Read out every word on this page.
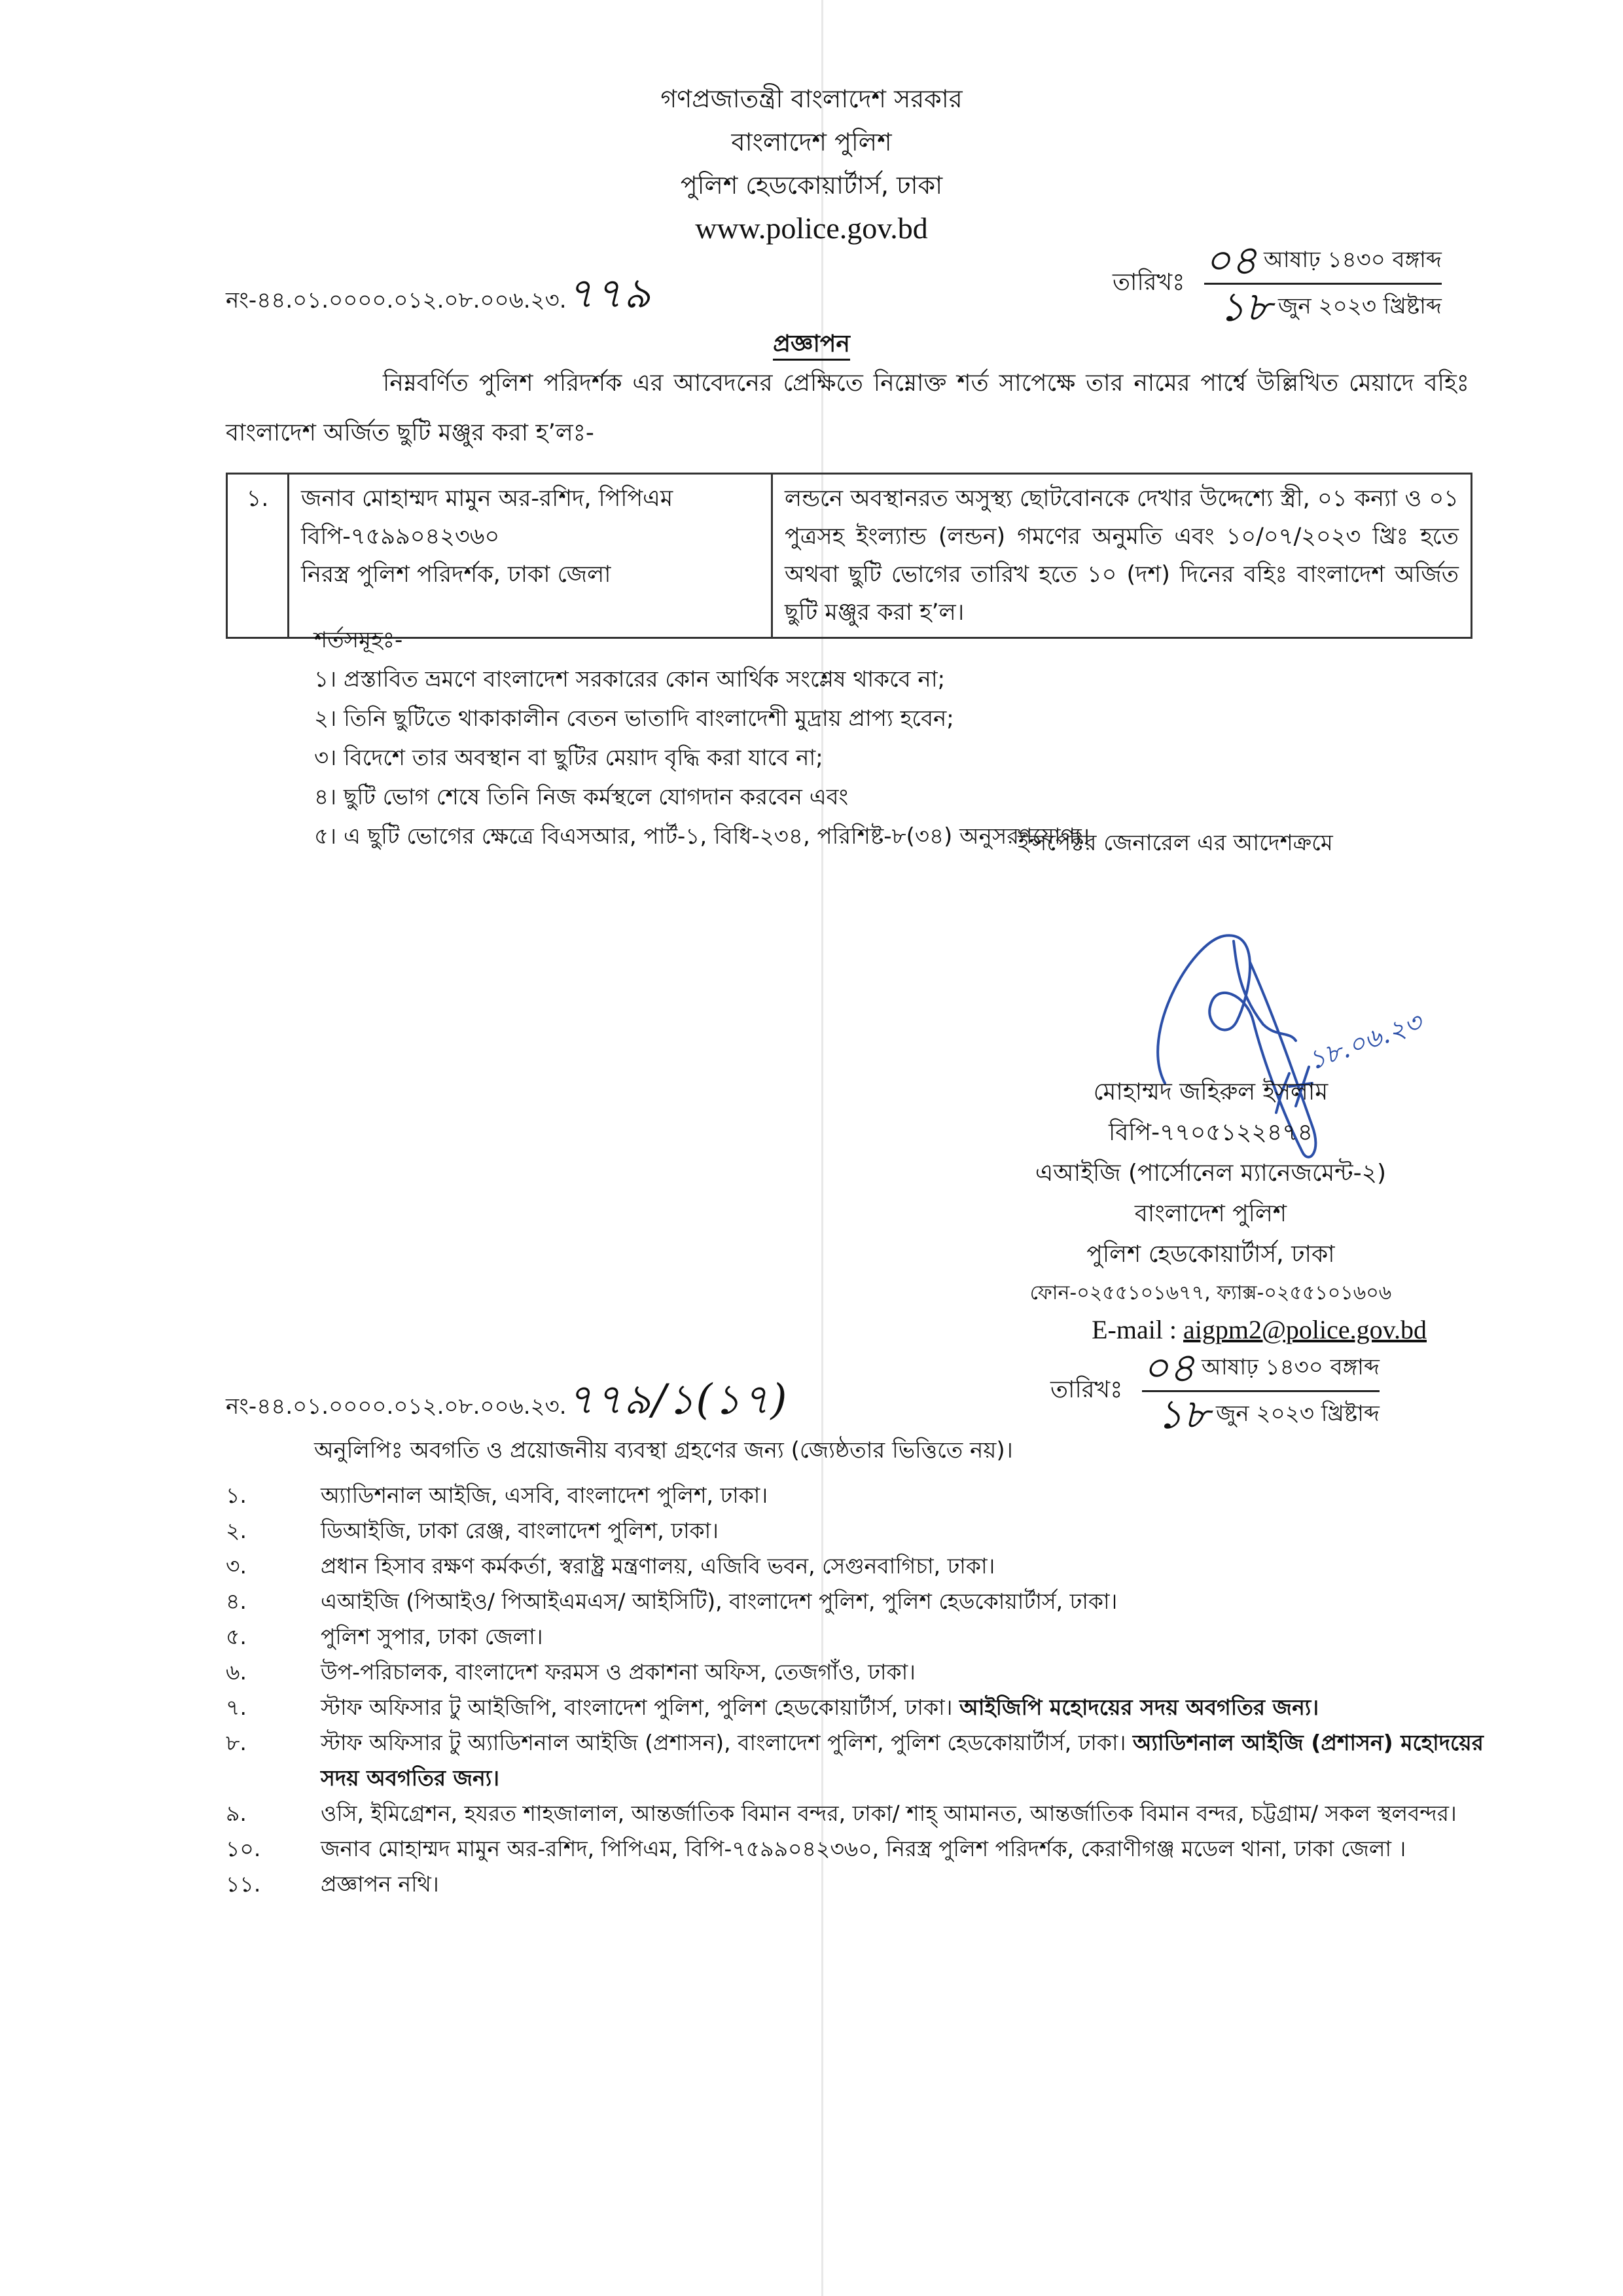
গণপ্রজাতন্ত্রী বাংলাদেশ সরকার
বাংলাদেশ পুলিশ
পুলিশ হেডকোয়ার্টার্স, ঢাকা
www.police.gov.bd
নং-৪৪.০১.০০০০.০১২.০৮.০০৬.২৩.৭৭৯	তারিখঃ $\frac{\text{০৪ আষাঢ় ১৪৩০ বঙ্গাব্দ}}{\text{১৮ জুন ২০২৩ খ্রিষ্টাব্দ}}$
প্রজ্ঞাপন
নিম্নবর্ণিত পুলিশ পরিদর্শক এর আবেদনের প্রেক্ষিতে নিম্নোক্ত শর্ত সাপেক্ষে তার নামের পার্শ্বে উল্লিখিত মেয়াদে বহিঃ বাংলাদেশ অর্জিত ছুটি মঞ্জুর করা হ’লঃ-
১.	জনাব মোহাম্মদ মামুন অর-রশিদ, পিপিএম
বিপি-৭৫৯৯০৪২৩৬০
নিরস্ত্র পুলিশ পরিদর্শক, ঢাকা জেলা
	লন্ডনে অবস্থানরত অসুস্থ্য ছোটবোনকে দেখার উদ্দেশ্যে স্ত্রী, ০১ কন্যা ও ০১ পুত্রসহ ইংল্যান্ড (লন্ডন) গমণের অনুমতি এবং ১০/০৭/২০২৩ খ্রিঃ হতে অথবা ছুটি ভোগের তারিখ হতে ১০ (দশ) দিনের বহিঃ বাংলাদেশ অর্জিত ছুটি মঞ্জুর করা হ’ল।
শর্তসমূহঃ-
১। প্রস্তাবিত ভ্রমণে বাংলাদেশ সরকারের কোন আর্থিক সংশ্লেষ থাকবে না;
২। তিনি ছুটিতে থাকাকালীন বেতন ভাতাদি বাংলাদেশী মুদ্রায় প্রাপ্য হবেন;
৩। বিদেশে তার অবস্থান বা ছুটির মেয়াদ বৃদ্ধি করা যাবে না;
৪। ছুটি ভোগ শেষে তিনি নিজ কর্মস্থলে যোগদান করবেন এবং
৫। এ ছুটি ভোগের ক্ষেত্রে বিএসআর, পার্ট-১, বিধি-২৩৪, পরিশিষ্ট-৮(৩৪) অনুসরণযোগ্য।
ইন্সপেক্টর জেনারেল এর আদেশক্রমে
১৮.০৬.২৩
মোহাম্মদ জহিরুল ইসলাম
বিপি-৭৭০৫১২২৪৭৪
এআইজি (পার্সোনেল ম্যানেজমেন্ট-২)
বাংলাদেশ পুলিশ
পুলিশ হেডকোয়ার্টার্স, ঢাকা
ফোন-০২৫৫১০১৬৭৭, ফ্যাক্স-০২৫৫১০১৬০৬
E-mail : aigpm2@police.gov.bd
নং-৪৪.০১.০০০০.০১২.০৮.০০৬.২৩.৭৭৯/১(১৭)	তারিখঃ $\frac{\text{০৪ আষাঢ় ১৪৩০ বঙ্গাব্দ}}{\text{১৮ জুন ২০২৩ খ্রিষ্টাব্দ}}$
অনুলিপিঃ অবগতি ও প্রয়োজনীয় ব্যবস্থা গ্রহণের জন্য (জ্যেষ্ঠতার ভিত্তিতে নয়)।
১.	অ্যাডিশনাল আইজি, এসবি, বাংলাদেশ পুলিশ, ঢাকা।
২.	ডিআইজি, ঢাকা রেঞ্জ, বাংলাদেশ পুলিশ, ঢাকা।
৩.	প্রধান হিসাব রক্ষণ কর্মকর্তা, স্বরাষ্ট্র মন্ত্রণালয়, এজিবি ভবন, সেগুনবাগিচা, ঢাকা।
৪.	এআইজি (পিআইও/ পিআইএমএস/ আইসিটি), বাংলাদেশ পুলিশ, পুলিশ হেডকোয়ার্টার্স, ঢাকা।
৫.	পুলিশ সুপার, ঢাকা জেলা।
৬.	উপ-পরিচালক, বাংলাদেশ ফরমস ও প্রকাশনা অফিস, তেজগাঁও, ঢাকা।
৭.	স্টাফ অফিসার টু আইজিপি, বাংলাদেশ পুলিশ, পুলিশ হেডকোয়ার্টার্স, ঢাকা। আইজিপি মহোদয়ের সদয় অবগতির জন্য।
৮.	স্টাফ অফিসার টু অ্যাডিশনাল আইজি (প্রশাসন), বাংলাদেশ পুলিশ, পুলিশ হেডকোয়ার্টার্স, ঢাকা। অ্যাডিশনাল আইজি (প্রশাসন) মহোদয়ের সদয় অবগতির জন্য।
৯.	ওসি, ইমিগ্রেশন, হযরত শাহজালাল, আন্তর্জাতিক বিমান বন্দর, ঢাকা/ শাহ্ আমানত, আন্তর্জাতিক বিমান বন্দর, চট্টগ্রাম/ সকল স্থলবন্দর।
১০.	জনাব মোহাম্মদ মামুন অর-রশিদ, পিপিএম, বিপি-৭৫৯৯০৪২৩৬০, নিরস্ত্র পুলিশ পরিদর্শক, কেরাণীগঞ্জ মডেল থানা, ঢাকা জেলা ।
১১.	প্রজ্ঞাপন নথি।
